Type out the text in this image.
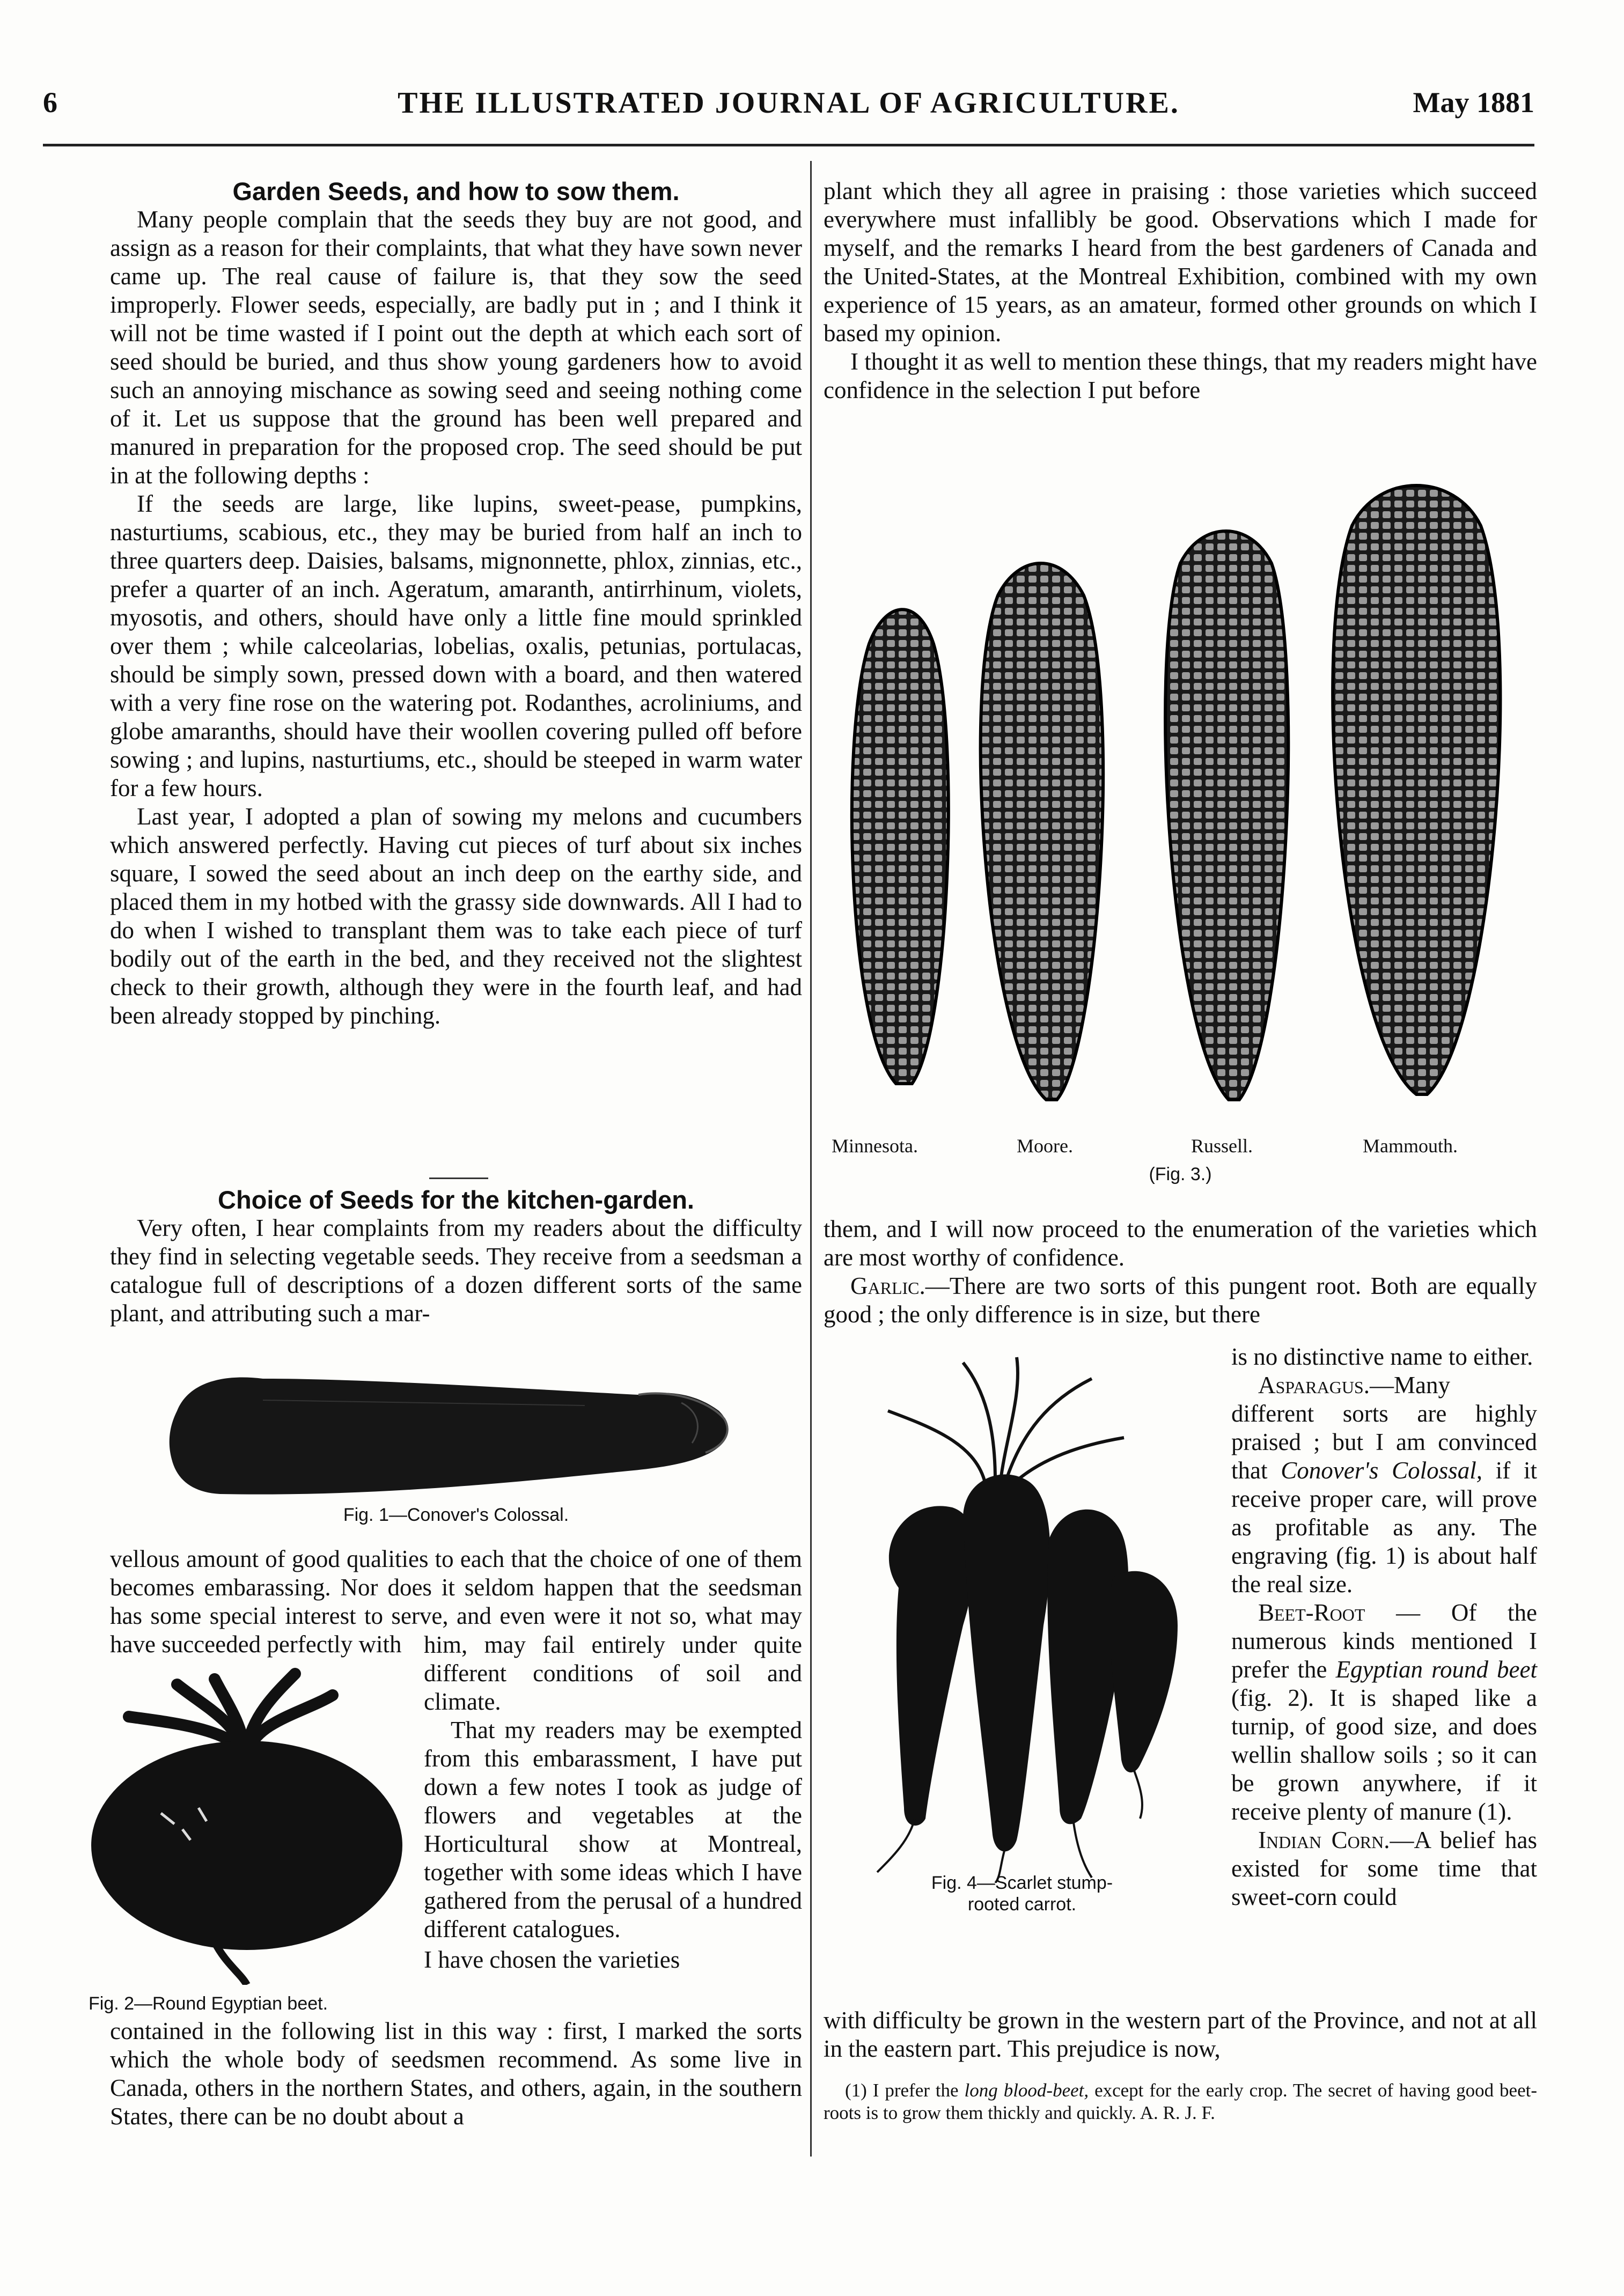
6	THE ILLUSTRATED JOURNAL OF AGRICULTURE.	May 1881
Garden Seeds, and how to sow them.

Many people complain that the seeds they buy are not good, and assign as a reason for their complaints, that what they have sown never came up. The real cause of failure is, that they sow the seed improperly. Flower seeds, especially, are badly put in ; and I think it will not be time wasted if I point out the depth at which each sort of seed should be buried, and thus show young gardeners how to avoid such an annoying mischance as sowing seed and seeing nothing come of it. Let us suppose that the ground has been well prepared and manured in preparation for the proposed crop. The seed should be put in at the following depths :

If the seeds are large, like lupins, sweet-pease, pumpkins, nasturtiums, scabious, etc., they may be buried from half an inch to three quarters deep. Daisies, balsams, mignonnette, phlox, zinnias, etc., prefer a quarter of an inch. Ageratum, amaranth, antirrhinum, violets, myosotis, and others, should have only a little fine mould sprinkled over them ; while calceolarias, lobelias, oxalis, petunias, portulacas, should be simply sown, pressed down with a board, and then watered with a very fine rose on the watering pot. Rodanthes, acroliniums, and globe amaranths, should have their woollen covering pulled off before sowing ; and lupins, nasturtiums, etc., should be steeped in warm water for a few hours.

Last year, I adopted a plan of sowing my melons and cucumbers which answered perfectly. Having cut pieces of turf about six inches square, I sowed the seed about an inch deep on the earthy side, and placed them in my hotbed with the grassy side downwards. All I had to do when I wished to transplant them was to take each piece of turf bodily out of the earth in the bed, and they received not the slightest check to their growth, although they were in the fourth leaf, and had been already stopped by pinching.

Choice of Seeds for the kitchen-garden.

Very often, I hear complaints from my readers about the difficulty they find in selecting vegetable seeds. They receive from a seedsman a catalogue full of descriptions of a dozen different sorts of the same plant, and attributing such a mar-

Fig. 1—Conover's Colossal.

vellous amount of good qualities to each that the choice of one of them becomes embarassing. Nor does it seldom happen that the seedsman has some special interest to serve, and even were it not so, what may have succeeded perfectly with

Fig. 2—Round Egyptian beet.

him, may fail entirely under quite different conditions of soil and climate.

That my readers may be exempted from this embarassment, I have put down a few notes I took as judge of flowers and vegetables at the Horticultural show at Montreal, together with some ideas which I have gathered from the perusal of a hundred different catalogues.

I have chosen the varieties

contained in the following list in this way : first, I marked the sorts which the whole body of seedsmen recommend. As some live in Canada, others in the northern States, and others, again, in the southern States, there can be no doubt about a

plant which they all agree in praising : those varieties which succeed everywhere must infallibly be good. Observations which I made for myself, and the remarks I heard from the best gardeners of Canada and the United-States, at the Montreal Exhibition, combined with my own experience of 15 years, as an amateur, formed other grounds on which I based my opinion.

I thought it as well to mention these things, that my readers might have confidence in the selection I put before

Minnesota.	Moore.	Russell.	Mammouth.
(Fig. 3.)

them, and I will now proceed to the enumeration of the varieties which are most worthy of confidence.

Garlic.—There are two sorts of this pungent root. Both are equally good ; the only difference is in size, but there

Fig. 4—Scarlet stump-rooted carrot.

is no distinctive name to either.

Asparagus.—Many different sorts are highly praised ; but I am convinced that Conover's Colossal, if it receive proper care, will prove as profitable as any. The engraving (fig. 1) is about half the real size.

Beet-Root — Of the numerous kinds mentioned I prefer the Egyptian round beet (fig. 2). It is shaped like a turnip, of good size, and does wellin shallow soils ; so it can be grown anywhere, if it receive plenty of manure (1).

Indian Corn.—A belief has existed for some time that sweet-corn could

with difficulty be grown in the western part of the Province, and not at all in the eastern part. This prejudice is now,

(1) I prefer the long blood-beet, except for the early crop. The secret of having good beet-roots is to grow them thickly and quickly. A. R. J. F.
